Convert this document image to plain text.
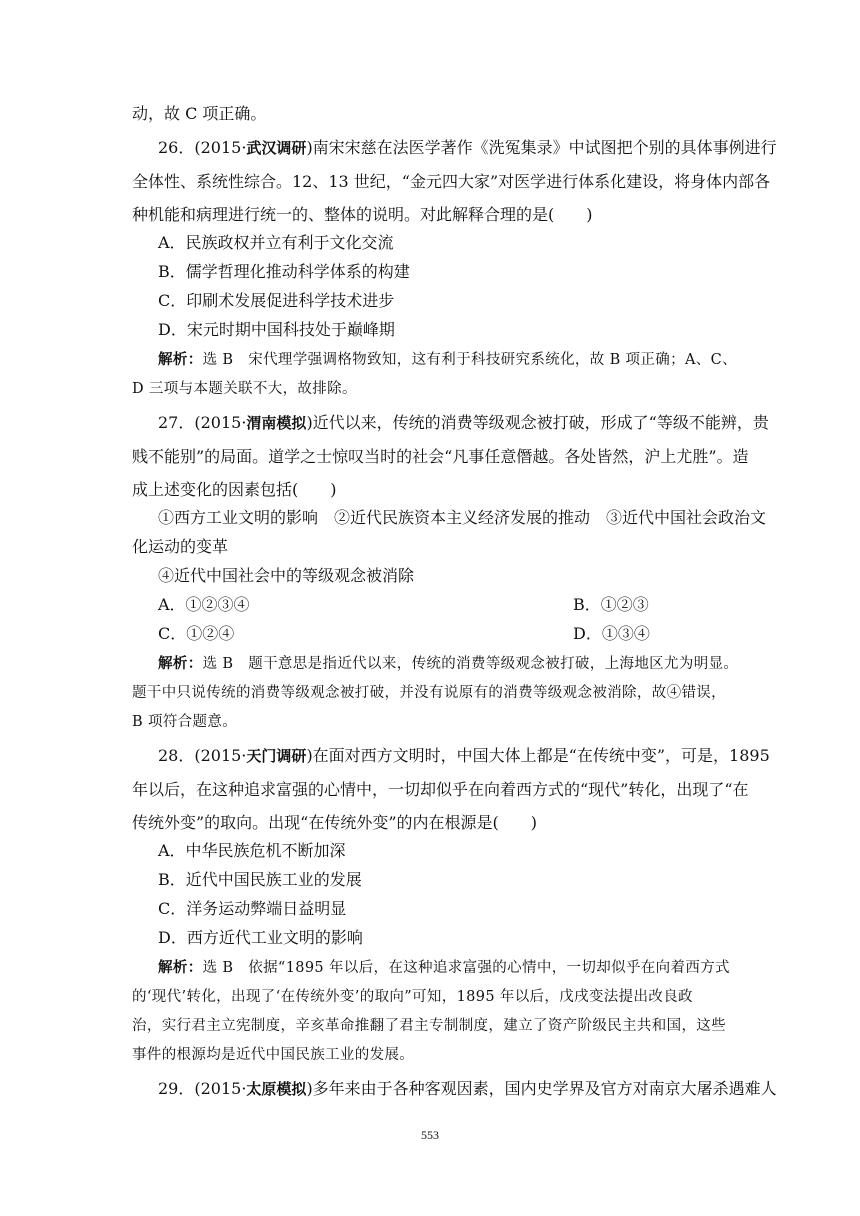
动，故 C 项正确。
26．(2015·武汉调研)南宋宋慈在法医学著作《洗冤集录》中试图把个别的具体事例进行
全体性、系统性综合。12、13 世纪，“金元四大家”对医学进行体系化建设，将身体内部各
种机能和病理进行统一的、整体的说明。对此解释合理的是(　　)
A．民族政权并立有利于文化交流
B．儒学哲理化推动科学体系的构建
C．印刷术发展促进科学技术进步
D．宋元时期中国科技处于巅峰期
解析：选 B　宋代理学强调格物致知，这有利于科技研究系统化，故 B 项正确；A、C、
D 三项与本题关联不大，故排除。
27．(2015·渭南模拟)近代以来，传统的消费等级观念被打破，形成了“等级不能辨，贵
贱不能别”的局面。道学之士惊叹当时的社会“凡事任意僭越。各处皆然，沪上尤胜”。造
成上述变化的因素包括(　　)
①西方工业文明的影响　②近代民族资本主义经济发展的推动　③近代中国社会政治文
化运动的变革
④近代中国社会中的等级观念被消除
A．①②③④	B．①②③
C．①②④	D．①③④
解析：选 B　题干意思是指近代以来，传统的消费等级观念被打破，上海地区尤为明显。
题干中只说传统的消费等级观念被打破，并没有说原有的消费等级观念被消除，故④错误，
B 项符合题意。
28．(2015·天门调研)在面对西方文明时，中国大体上都是“在传统中变”，可是，1895
年以后，在这种追求富强的心情中，一切却似乎在向着西方式的“现代”转化，出现了“在
传统外变”的取向。出现“在传统外变”的内在根源是(　　)
A．中华民族危机不断加深
B．近代中国民族工业的发展
C．洋务运动弊端日益明显
D．西方近代工业文明的影响
解析：选 B　依据“1895 年以后，在这种追求富强的心情中，一切却似乎在向着西方式
的‘现代’转化，出现了‘在传统外变’的取向”可知，1895 年以后，戊戌变法提出改良政
治，实行君主立宪制度，辛亥革命推翻了君主专制制度，建立了资产阶级民主共和国，这些
事件的根源均是近代中国民族工业的发展。
29．(2015·太原模拟)多年来由于各种客观因素，国内史学界及官方对南京大屠杀遇难人
553
